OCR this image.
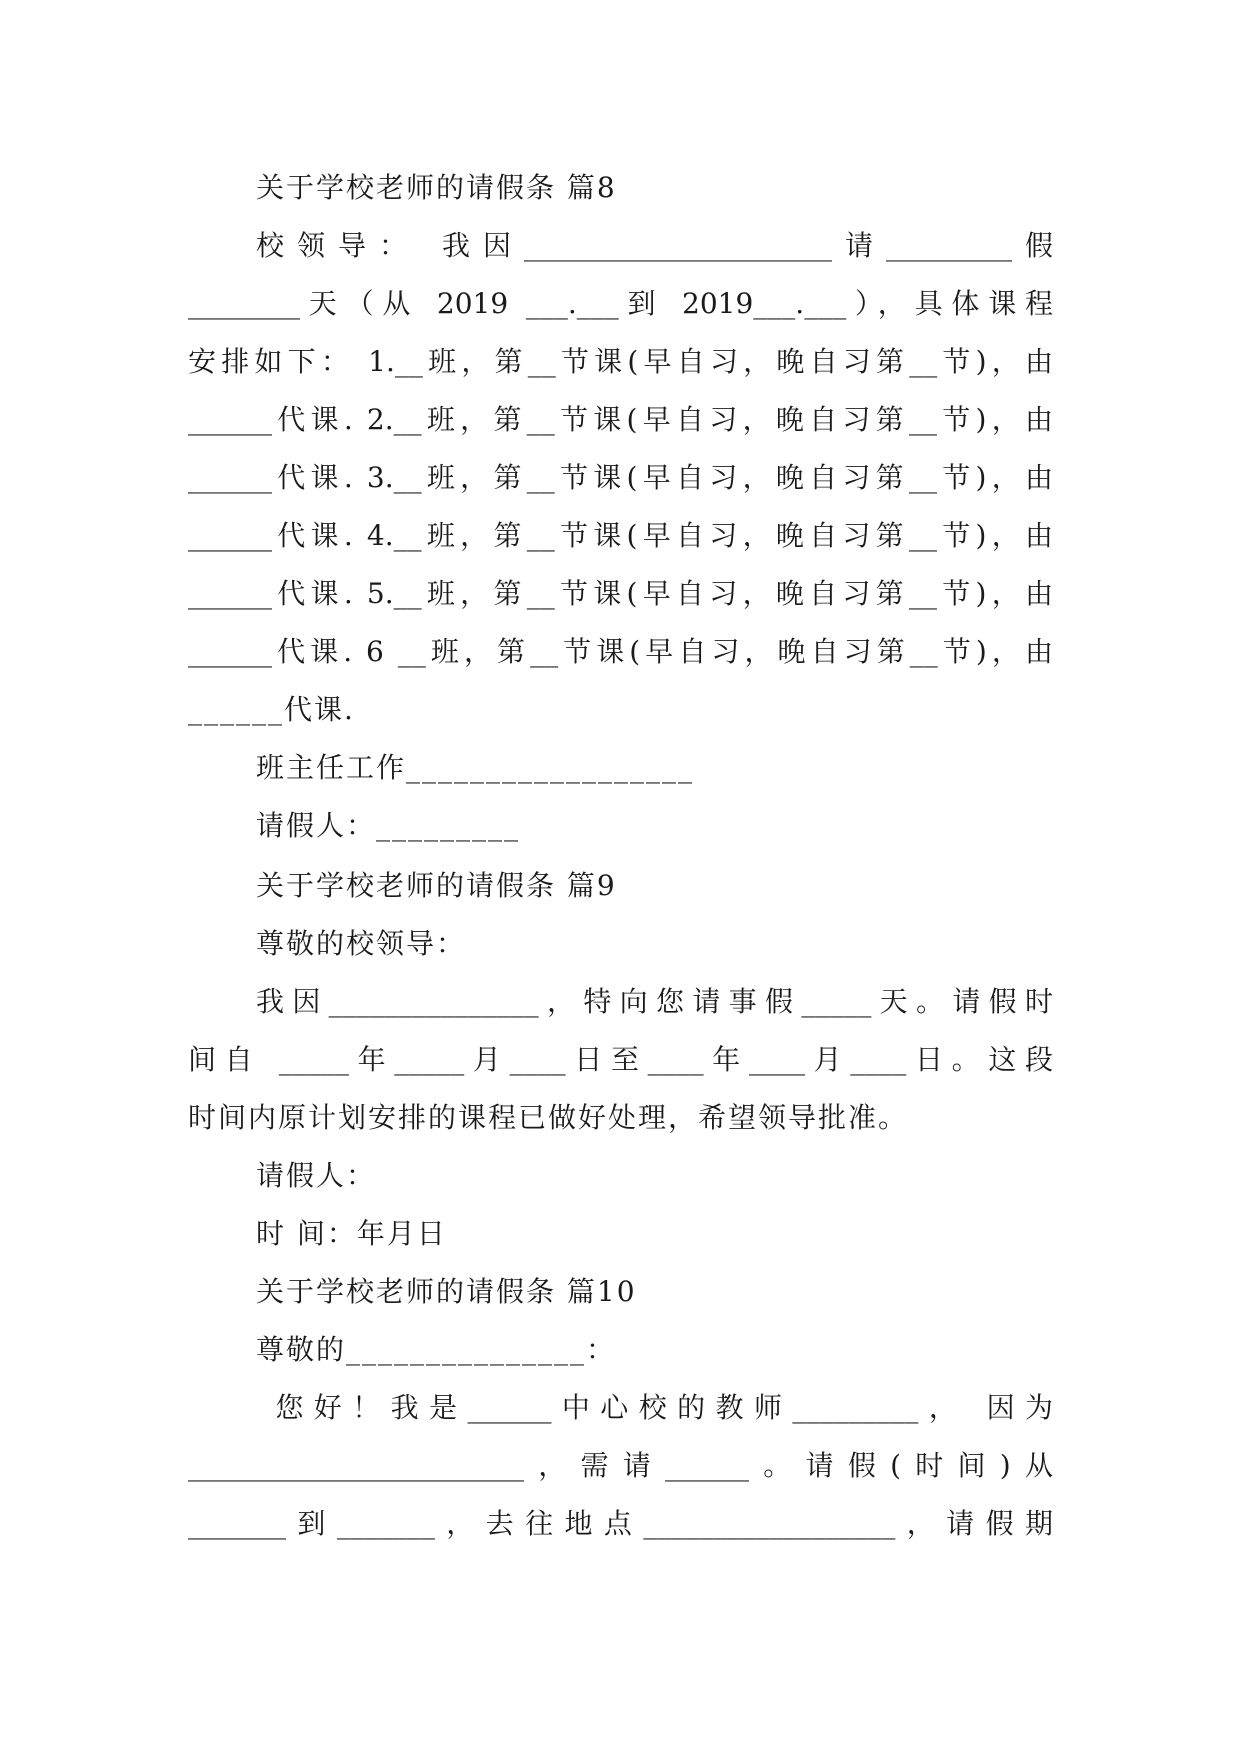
关于学校老师的请假条 篇8
校领导： 我因______________________请_________假
________天（从 2019 ___.___到 2019___.___），具体课程
安排如下： 1.__班，第__节课(早自习，晚自习第__节)，由
______代课. 2.__班，第__节课(早自习，晚自习第__节)，由
______代课. 3.__班，第__节课(早自习，晚自习第__节)，由
______代课. 4.__班，第__节课(早自习，晚自习第__节)，由
______代课. 5.__班，第__节课(早自习，晚自习第__节)，由
______代课. 6 __班，第__节课(早自习，晚自习第__节)，由
______代课.
班主任工作__________________
请假人：_________
关于学校老师的请假条 篇9
尊敬的校领导：
我因_______________，特向您请事假_____天。请假时
间自 _____年_____月____日至____年____月____日。这段
时间内原计划安排的课程已做好处理，希望领导批准。
请假人：
时 间：年月日
关于学校老师的请假条 篇10
尊敬的_______________：
您好！我是______中心校的教师_________， 因为
________________________，需请______。请假(时间)从
_______到_______，去往地点__________________，请假期
